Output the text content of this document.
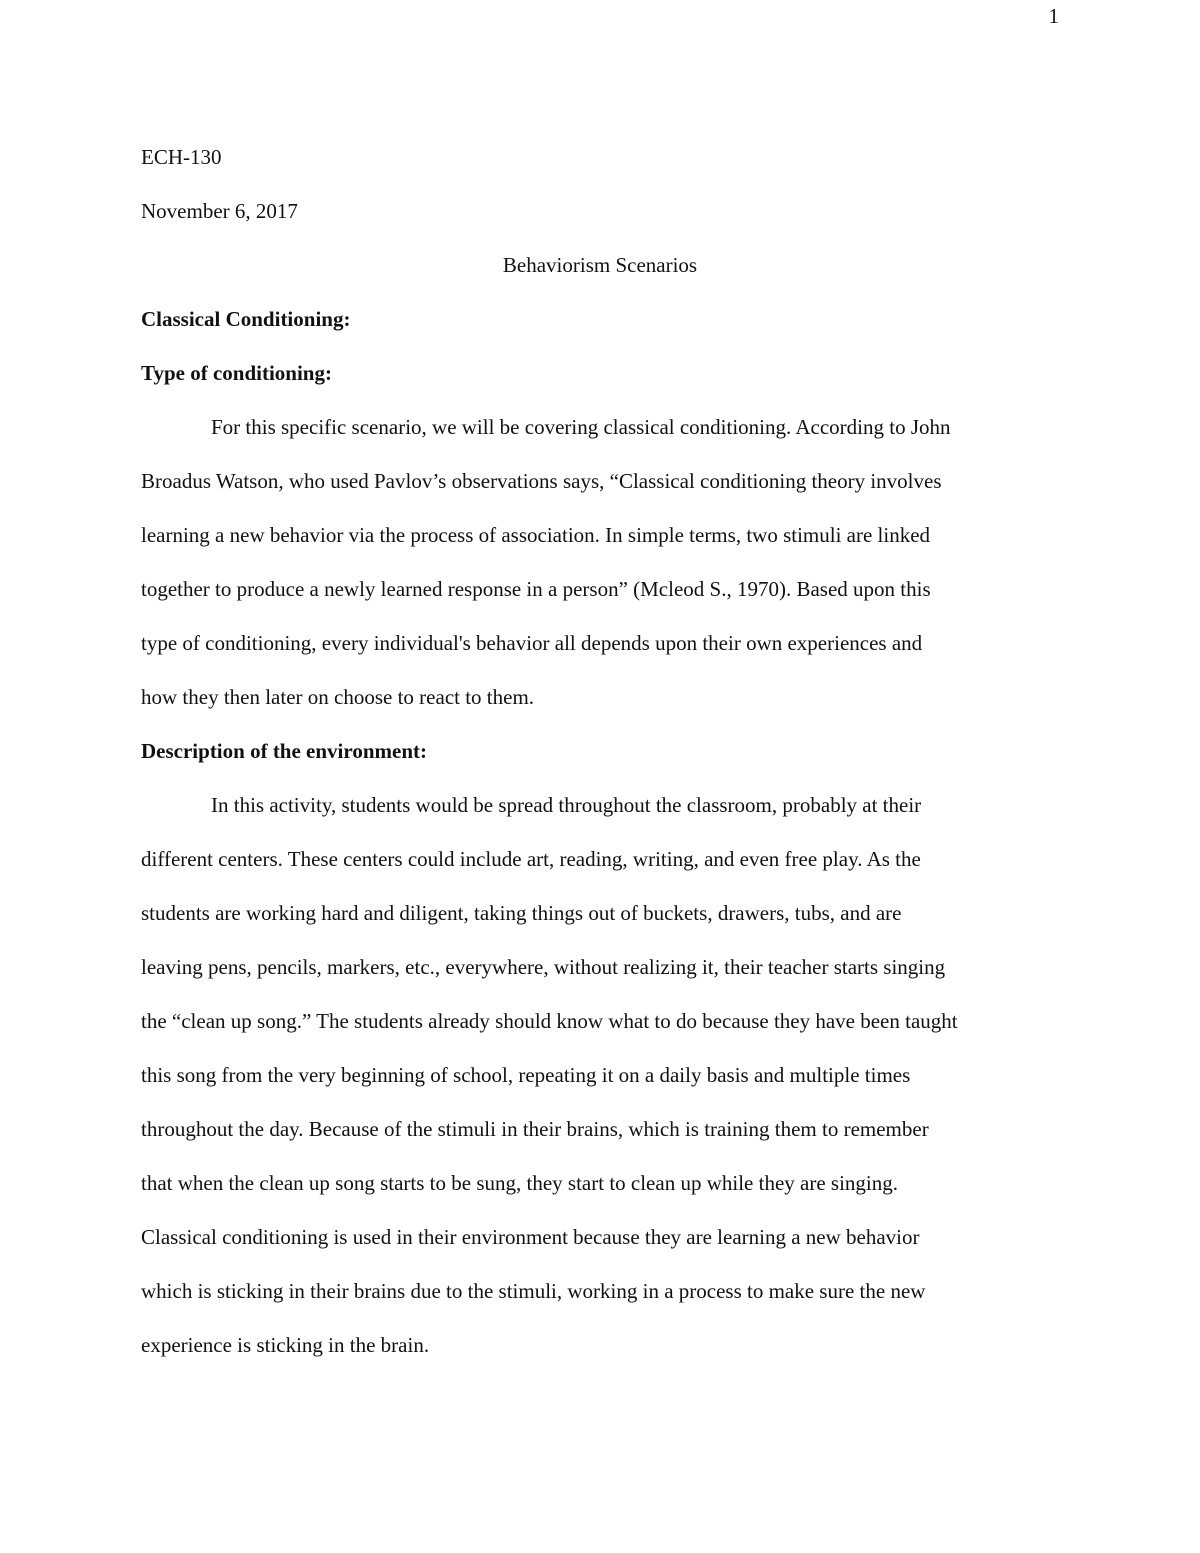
1
ECH-130
November 6, 2017
Behaviorism Scenarios
Classical Conditioning:
Type of conditioning:
For this specific scenario, we will be covering classical conditioning. According to John
Broadus Watson, who used Pavlov’s observations says, “Classical conditioning theory involves
learning a new behavior via the process of association. In simple terms, two stimuli are linked
together to produce a newly learned response in a person” (Mcleod S., 1970). Based upon this
type of conditioning, every individual's behavior all depends upon their own experiences and
how they then later on choose to react to them.
Description of the environment:
In this activity, students would be spread throughout the classroom, probably at their
different centers. These centers could include art, reading, writing, and even free play. As the
students are working hard and diligent, taking things out of buckets, drawers, tubs, and are
leaving pens, pencils, markers, etc., everywhere, without realizing it, their teacher starts singing
the “clean up song.” The students already should know what to do because they have been taught
this song from the very beginning of school, repeating it on a daily basis and multiple times
throughout the day. Because of the stimuli in their brains, which is training them to remember
that when the clean up song starts to be sung, they start to clean up while they are singing.
Classical conditioning is used in their environment because they are learning a new behavior
which is sticking in their brains due to the stimuli, working in a process to make sure the new
experience is sticking in the brain.
